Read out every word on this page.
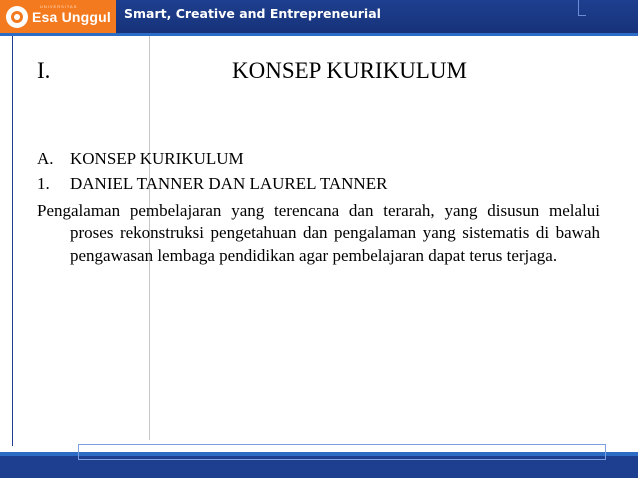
UNIVERSITAS
Esa Unggul Smart, Creative and Entrepreneurial
I.	KONSEP KURIKULUM
A. KONSEP KURIKULUM
1. DANIEL TANNER DAN LAUREL TANNER

Pengalaman pembelajaran yang terencana dan terarah, yang disusun melalui proses rekonstruksi pengetahuan dan pengalaman yang sistematis di bawah pengawasan lembaga pendidikan agar pembelajaran dapat terus terjaga.
